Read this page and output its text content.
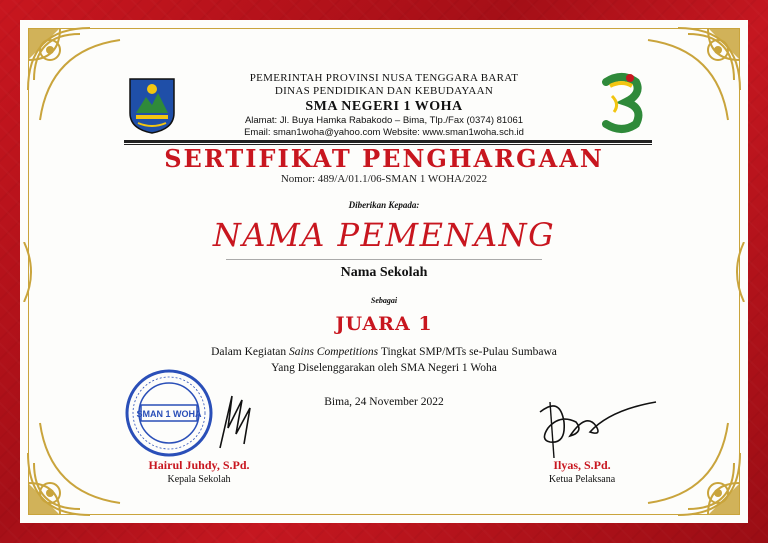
PEMERINTAH PROVINSI NUSA TENGGARA BARAT
DINAS PENDIDIKAN DAN KEBUDAYAAN
SMA NEGERI 1 WOHA
Alamat: Jl. Buya Hamka Rabakodo – Bima, Tlp./Fax (0374) 81061
Email: sman1woha@yahoo.com Website: www.sman1woha.sch.id
SERTIFIKAT PENGHARGAAN
Nomor: 489/A/01.1/06-SMAN 1 WOHA/2022
Diberikan Kepada:
NAMA PEMENANG
Nama Sekolah
Sebagai
JUARA 1
Dalam Kegiatan Sains Competitions Tingkat SMP/MTs se-Pulau Sumbawa
Yang Diselenggarakan oleh SMA Negeri 1 Woha
Bima, 24 November 2022
SMAN 1 WOHA
Hairul Juhdy, S.Pd.
Kepala Sekolah
Ilyas, S.Pd.
Ketua Pelaksana
